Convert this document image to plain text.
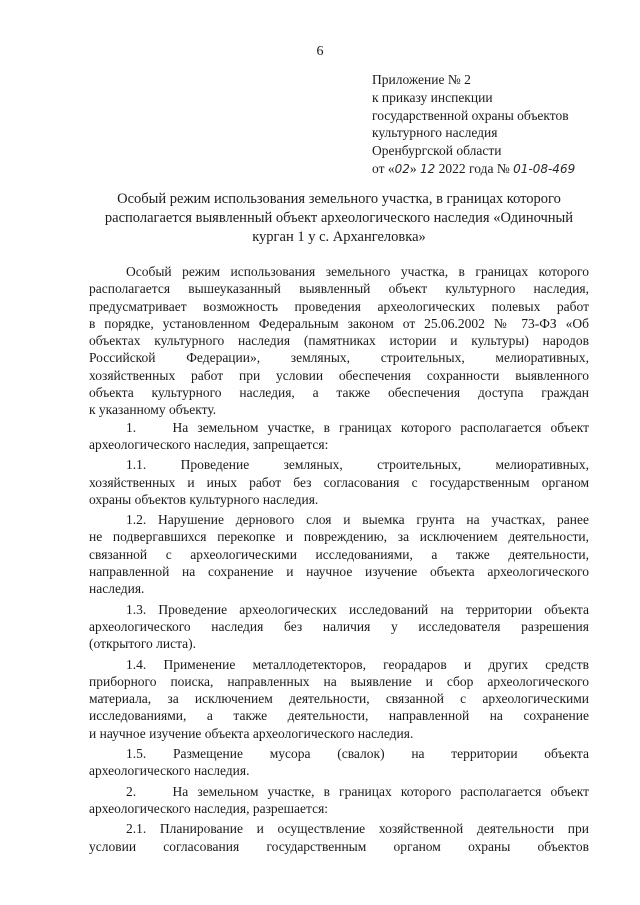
6
Приложение № 2
к приказу инспекции
государственной охраны объектов
культурного наследия
Оренбургской области
от «02» 12 2022 года № 01-08-469
Особый режим использования земельного участка, в границах которого
располагается выявленный объект археологического наследия «Одиночный
курган 1 у с. Архангеловка»
Особый режим использования земельного участка, в границах которого
располагается вышеуказанный выявленный объект культурного наследия,
предусматривает возможность проведения археологических полевых работ
в порядке, установленном Федеральным законом от 25.06.2002 № 73-ФЗ «Об
объектах культурного наследия (памятниках истории и культуры) народов
Российской Федерации», земляных, строительных, мелиоративных,
хозяйственных работ при условии обеспечения сохранности выявленного
объекта культурного наследия, а также обеспечения доступа граждан
к указанному объекту.
1.    На земельном участке, в границах которого располагается объект
археологического наследия, запрещается:
1.1. Проведение земляных, строительных, мелиоративных,
хозяйственных и иных работ без согласования с государственным органом
охраны объектов культурного наследия.
1.2. Нарушение дернового слоя и выемка грунта на участках, ранее
не подвергавшихся перекопке и повреждению, за исключением деятельности,
связанной с археологическими исследованиями, а также деятельности,
направленной на сохранение и научное изучение объекта археологического
наследия.
1.3. Проведение археологических исследований на территории объекта
археологического наследия без наличия у исследователя разрешения
(открытого листа).
1.4. Применение металлодетекторов, георадаров и других средств
приборного поиска, направленных на выявление и сбор археологического
материала, за исключением деятельности, связанной с археологическими
исследованиями, а также деятельности, направленной на сохранение
и научное изучение объекта археологического наследия.
1.5. Размещение мусора (свалок) на территории объекта
археологического наследия.
2.    На земельном участке, в границах которого располагается объект
археологического наследия, разрешается:
2.1. Планирование и осуществление хозяйственной деятельности при
условии согласования государственным органом охраны объектов
